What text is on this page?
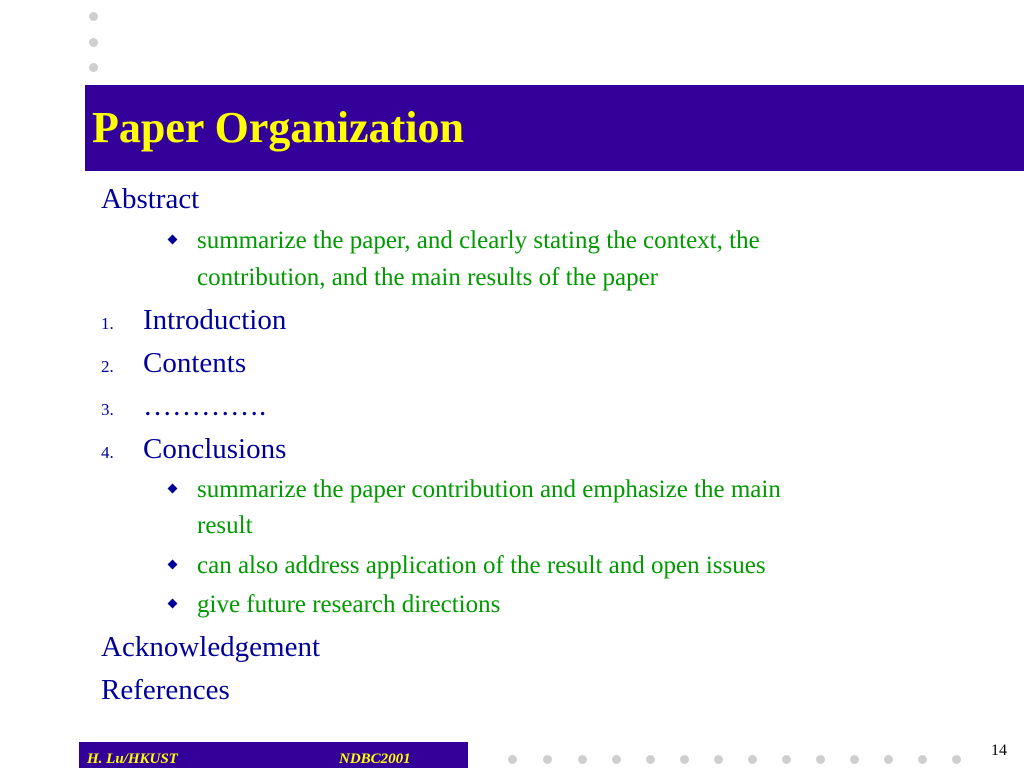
Paper Organization
Abstract
summarize the paper, and clearly stating the context, the
contribution, and the main results of the paper
1. Introduction
2. Contents
3. ………….
4. Conclusions
summarize the paper contribution and emphasize the main
result
can also address application of the result and open issues
give future research directions
Acknowledgement
References
H. Lu/HKUST	NDBC2001	14
